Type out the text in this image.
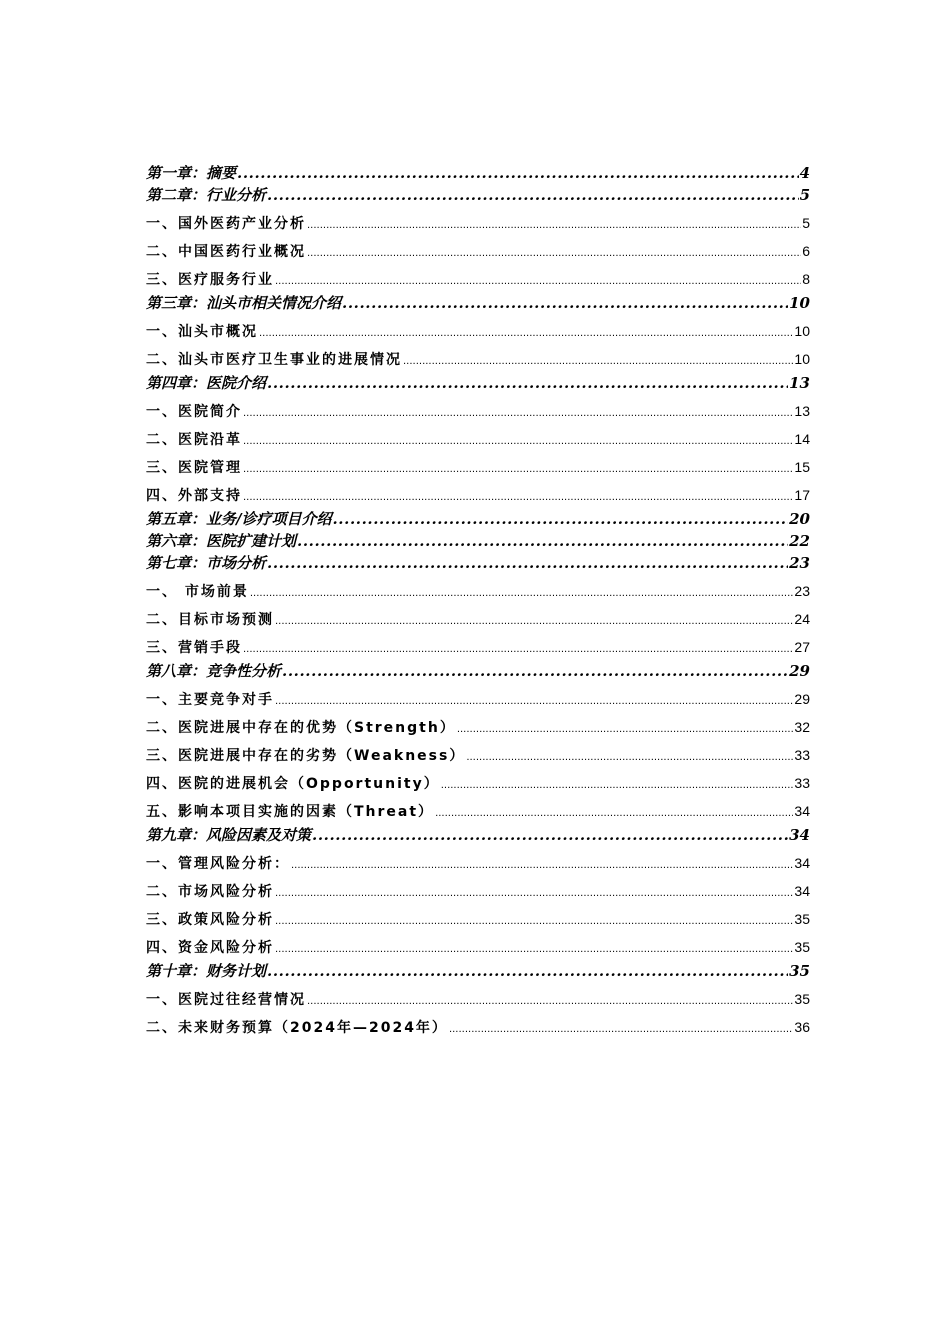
第一章：摘要 .....	4
第二章：行业分析 .....	5
一、国外医药产业分析 .....	5
二、中国医药行业概况 .....	6
三、医疗服务行业 .....	8
第三章：汕头市相关情况介绍 .....	10
一、汕头市概况 .....	10
二、汕头市医疗卫生事业的进展情况 .....	10
第四章：医院介绍 .....	13
一、医院简介 .....	13
二、医院沿革 .....	14
三、医院管理 .....	15
四、外部支持 .....	17
第五章：业务/诊疗项目介绍 .....	20
第六章：医院扩建计划 .....	22
第七章：市场分析 .....	23
一、 市场前景 .....	23
二、目标市场预测 .....	24
三、营销手段 .....	27
第八章：竞争性分析 .....	29
一、主要竞争对手 .....	29
二、医院进展中存在的优势（Strength） .....	32
三、医院进展中存在的劣势（Weakness） .....	33
四、医院的进展机会（Opportunity） .....	33
五、影响本项目实施的因素（Threat） .....	34
第九章：风险因素及对策 .....	34
一、管理风险分析： .....	34
二、市场风险分析 .....	34
三、政策风险分析 .....	35
四、资金风险分析 .....	35
第十章：财务计划 .....	35
一、医院过往经营情况 .....	35
二、未来财务预算（2024年—2024年） .....	36
